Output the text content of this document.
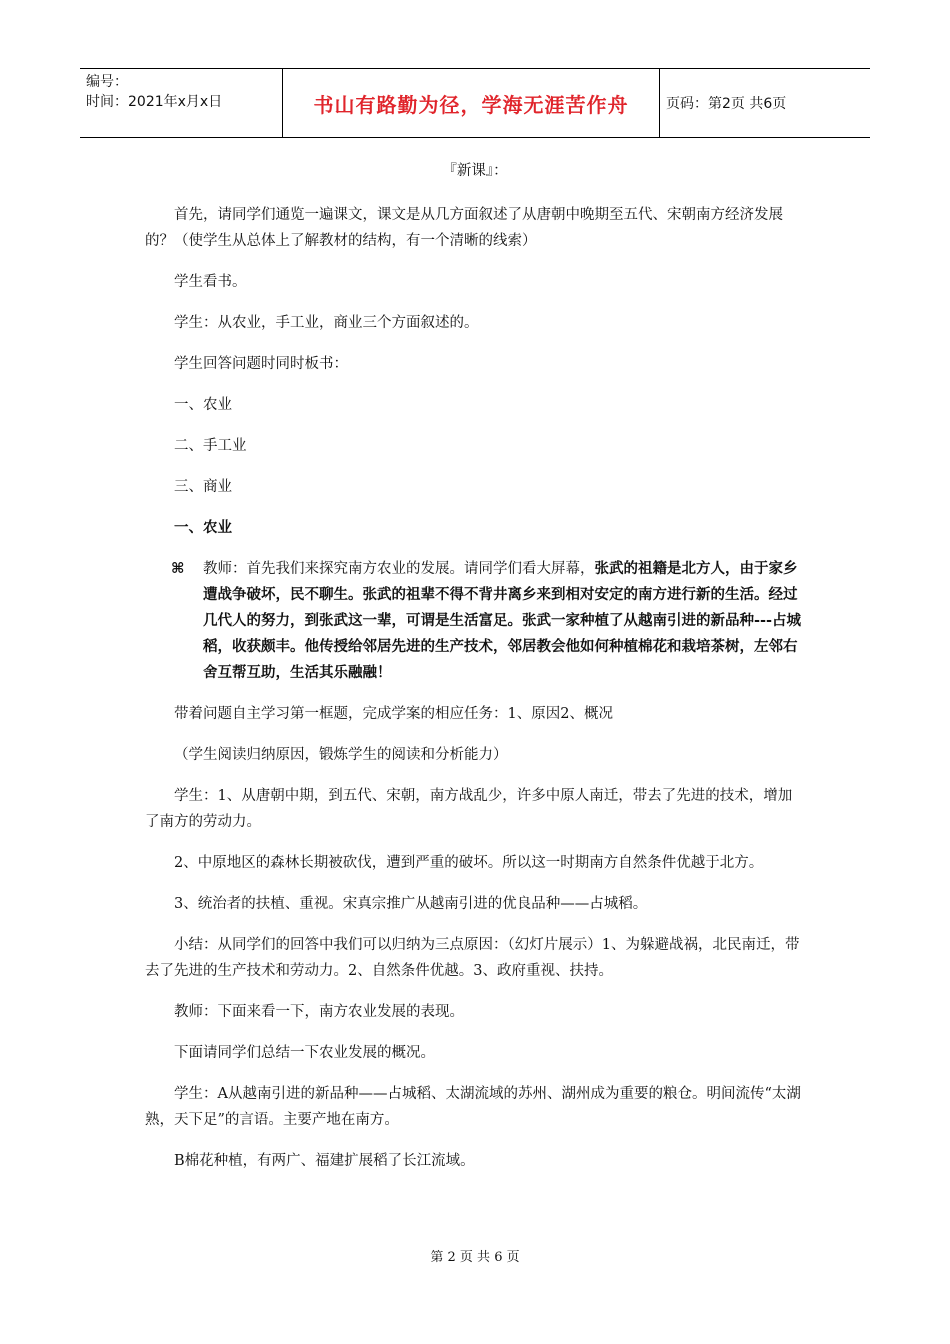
编号：
时间：2021年x月x日	书山有路勤为径，学海无涯苦作舟	页码：第2页 共6页

『新课』：

首先，请同学们通览一遍课文，课文是从几方面叙述了从唐朝中晚期至五代、宋朝南方经济发展的？（使学生从总体上了解教材的结构，有一个清晰的线索）

学生看书。

学生：从农业，手工业，商业三个方面叙述的。

学生回答问题时同时板书：

一、农业

二、手工业

三、商业

一、农业

⌘ 教师：首先我们来探究南方农业的发展。请同学们看大屏幕，张武的祖籍是北方人，由于家乡遭战争破坏，民不聊生。张武的祖辈不得不背井离乡来到相对安定的南方进行新的生活。经过几代人的努力，到张武这一辈，可谓是生活富足。张武一家种植了从越南引进的新品种---占城稻，收获颇丰。他传授给邻居先进的生产技术，邻居教会他如何种植棉花和栽培茶树，左邻右舍互帮互助，生活其乐融融！

带着问题自主学习第一框题，完成学案的相应任务：1、原因2、概况

（学生阅读归纳原因，锻炼学生的阅读和分析能力）

学生：1、从唐朝中期，到五代、宋朝，南方战乱少，许多中原人南迁，带去了先进的技术，增加了南方的劳动力。

2、中原地区的森林长期被砍伐，遭到严重的破坏。所以这一时期南方自然条件优越于北方。

3、统治者的扶植、重视。宋真宗推广从越南引进的优良品种——占城稻。

小结：从同学们的回答中我们可以归纳为三点原因：（幻灯片展示）1、为躲避战祸，北民南迁，带去了先进的生产技术和劳动力。2、自然条件优越。3、政府重视、扶持。

教师：下面来看一下，南方农业发展的表现。

下面请同学们总结一下农业发展的概况。

学生：A从越南引进的新品种——占城稻、太湖流域的苏州、湖州成为重要的粮仓。明间流传“太湖熟，天下足”的言语。主要产地在南方。

B棉花种植，有两广、福建扩展稻了长江流域。

第 2 页 共 6 页
